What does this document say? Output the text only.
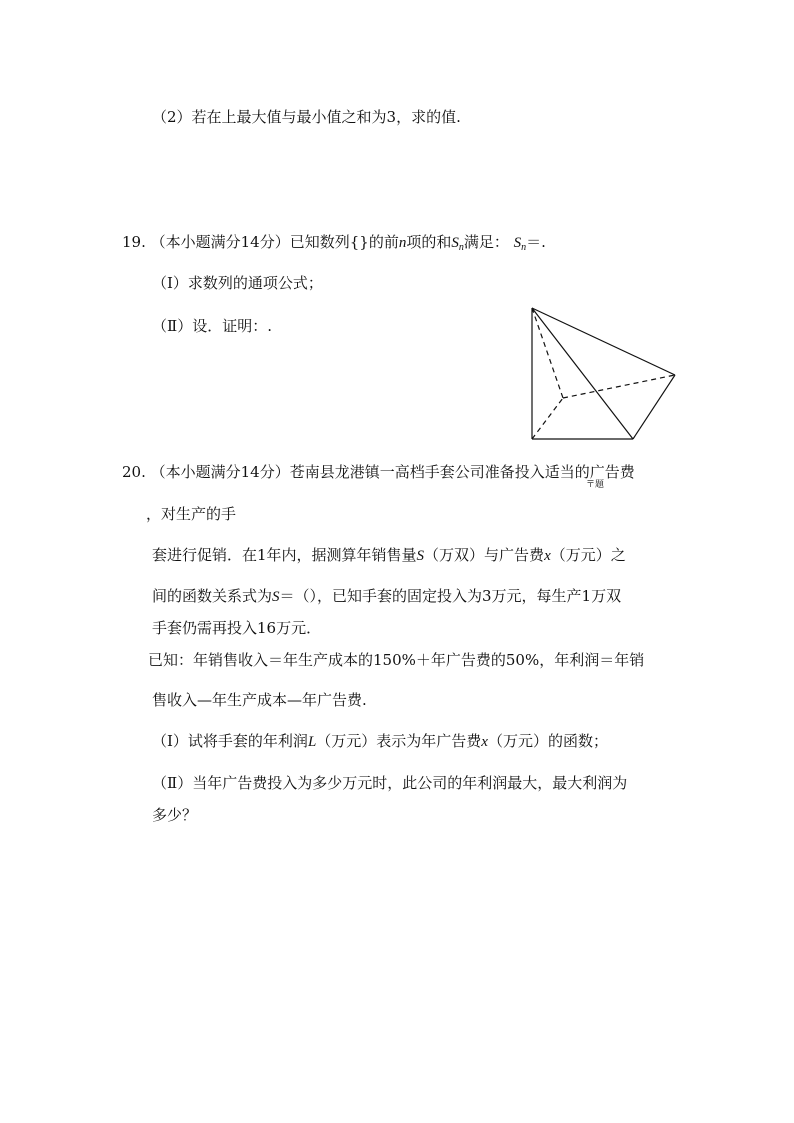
（2）若在上最大值与最小值之和为3，求的值.
19. （本小题满分14分）已知数列{}的前n项的和$S_n$满足： $S_n=$.
（Ⅰ）求数列的通项公式；
（Ⅱ）设．证明：.
20. （本小题满分14分）苍南县龙港镇一高档手套公司准备投入适当的广告费
〒題
，对生产的手
套进行促销．在1年内，据测算年销售量S（万双）与广告费x（万元）之
间的函数关系式为S＝（），已知手套的固定投入为3万元，每生产1万双
手套仍需再投入16万元．
已知：年销售收入＝年生产成本的150%＋年广告费的50%，年利润＝年销
售收入—年生产成本—年广告费.
（Ⅰ）试将手套的年利润L（万元）表示为年广告费x（万元）的函数；
（Ⅱ）当年广告费投入为多少万元时，此公司的年利润最大，最大利润为
多少？
